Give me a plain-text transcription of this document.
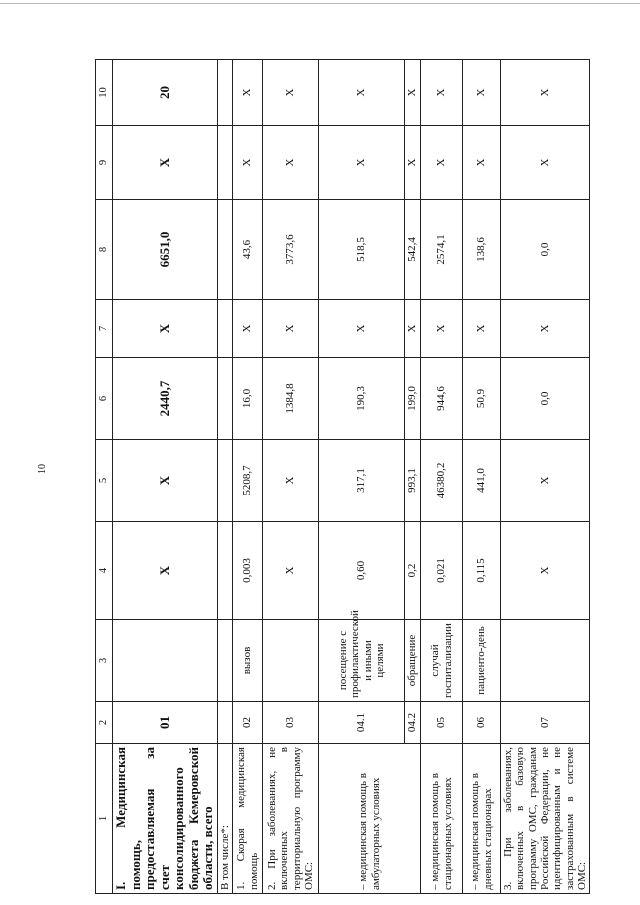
10
1	2	3	4	5	6	7	8	9	10
I. Медицинская помощь, предоставляемая за счет консолидированного бюджета Кемеровской области, всего	01		X	X	2440,7	X	6651,0	X	20
В том числе*:									
1. Скорая медицинская помощь	02	вызов	0,003	5208,7	16,0	X	43,6	X	X
2. При заболеваниях, не включенных в территориальную программу ОМС:	03		X	X	1384,8	X	3773,6	X	X
– медицинская помощь в амбулаторных условиях	04.1	посещение с профилактической и иными целями	0,60	317,1	190,3	X	518,5	X	X
	04.2	обращение	0,2	993,1	199,0	X	542,4	X	X
– медицинская помощь в стационарных условиях	05	случай госпитализации	0,021	46380,2	944,6	X	2574,1	X	X
– медицинская помощь в дневных стационарах	06	пациенто-день	0,115	441,0	50,9	X	138,6	X	X
3. При заболеваниях, включенных в базовую программу ОМС, гражданам Российской Федерации, не идентифицированным и не застрахованным в системе ОМС:	07		X	X	0,0	X	0,0	X	X
